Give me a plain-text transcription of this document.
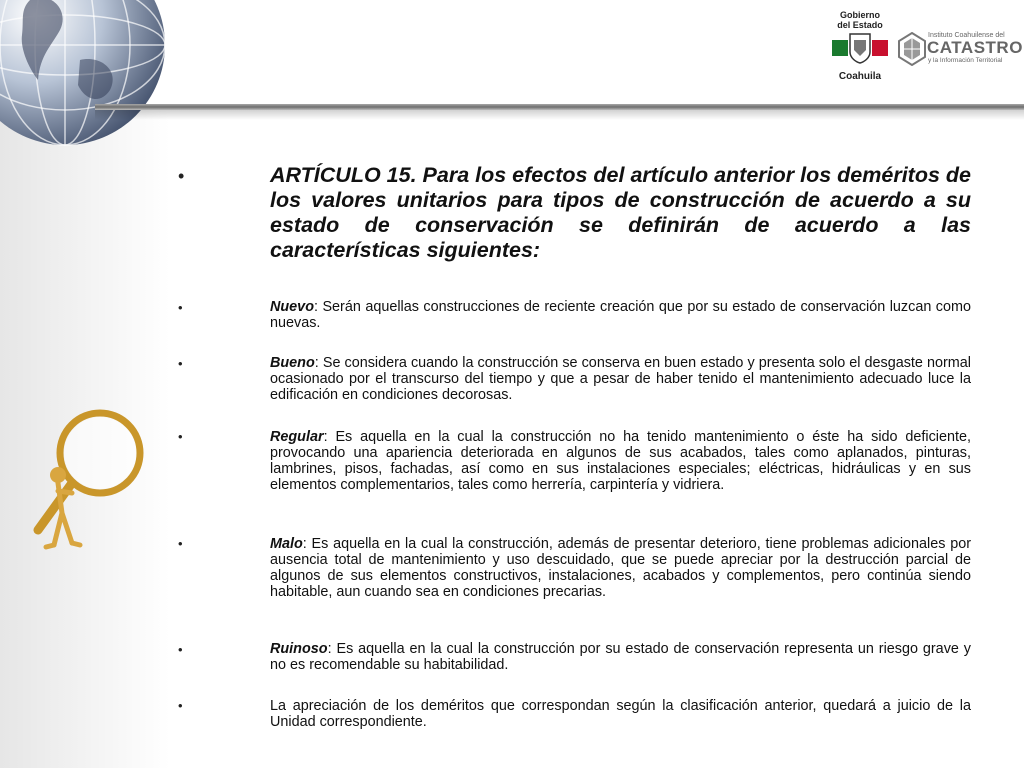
Gobierno
del Estado
Coahuila
Instituto Coahuilense del
CATASTRO
y la Información Territorial
•	ARTÍCULO 15. Para los efectos del artículo anterior los deméritos de los valores unitarios para tipos de construcción de acuerdo a su estado de conservación se definirán de acuerdo a las características siguientes:
•	Nuevo: Serán aquellas construcciones de reciente creación que por su estado de conservación luzcan como nuevas.
•	Bueno: Se considera cuando la construcción se conserva en buen estado y presenta solo el desgaste normal ocasionado por el transcurso del tiempo y que a pesar de haber tenido el mantenimiento adecuado luce la edificación en condiciones decorosas.
•	Regular: Es aquella en la cual la construcción no ha tenido mantenimiento o éste ha sido deficiente, provocando una apariencia deteriorada en algunos de sus acabados, tales como aplanados, pinturas, lambrines, pisos, fachadas, así como en sus instalaciones especiales; eléctricas, hidráulicas y en sus elementos complementarios, tales como herrería, carpintería y vidriera.
•	Malo: Es aquella en la cual la construcción, además de presentar deterioro, tiene problemas adicionales por ausencia total de mantenimiento y uso descuidado, que se puede apreciar por la destrucción parcial de algunos de sus elementos constructivos, instalaciones, acabados y complementos, pero continúa siendo habitable, aun cuando sea en condiciones precarias.
•	Ruinoso: Es aquella en la cual la construcción por su estado de conservación representa un riesgo grave y no es recomendable su habitabilidad.
•	La apreciación de los deméritos que correspondan según la clasificación anterior, quedará a juicio de la Unidad correspondiente.
